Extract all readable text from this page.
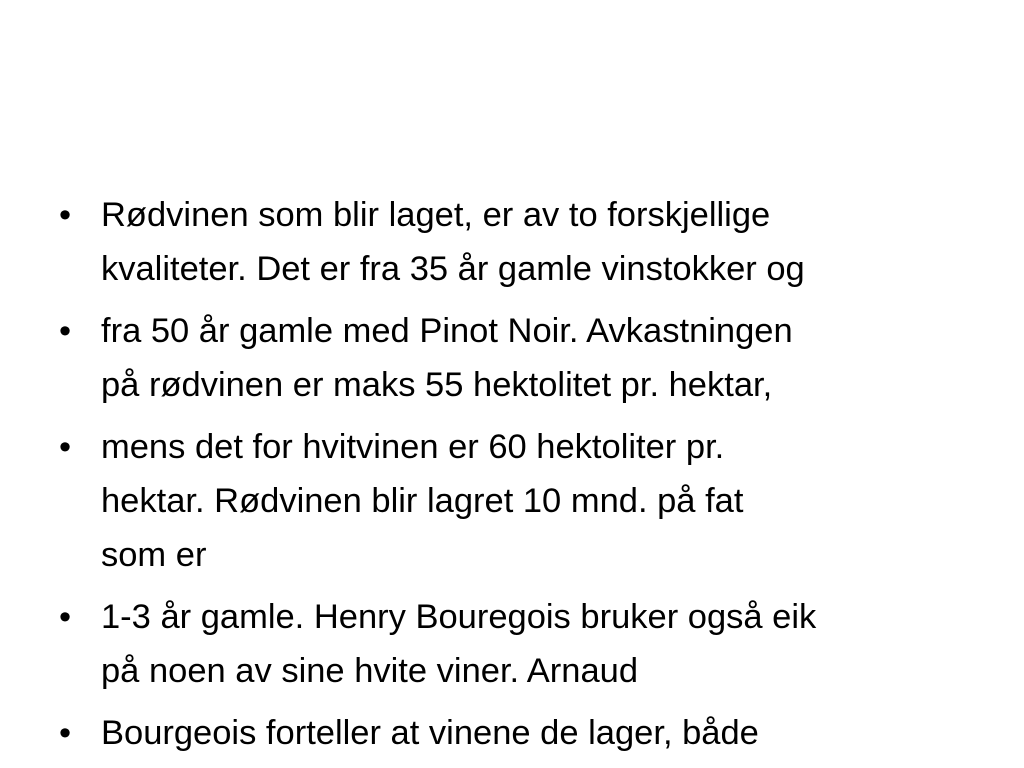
• Rødvinen som blir laget, er av to forskjellige
kvaliteter. Det er fra 35 år gamle vinstokker og
• fra 50 år gamle med Pinot Noir. Avkastningen
på rødvinen er maks 55 hektolitet pr. hektar,
• mens det for hvitvinen er 60 hektoliter pr.
hektar. Rødvinen blir lagret 10 mnd. på fat
som er
• 1-3 år gamle. Henry Bouregois bruker også eik
på noen av sine hvite viner. Arnaud
• Bourgeois forteller at vinene de lager, både
